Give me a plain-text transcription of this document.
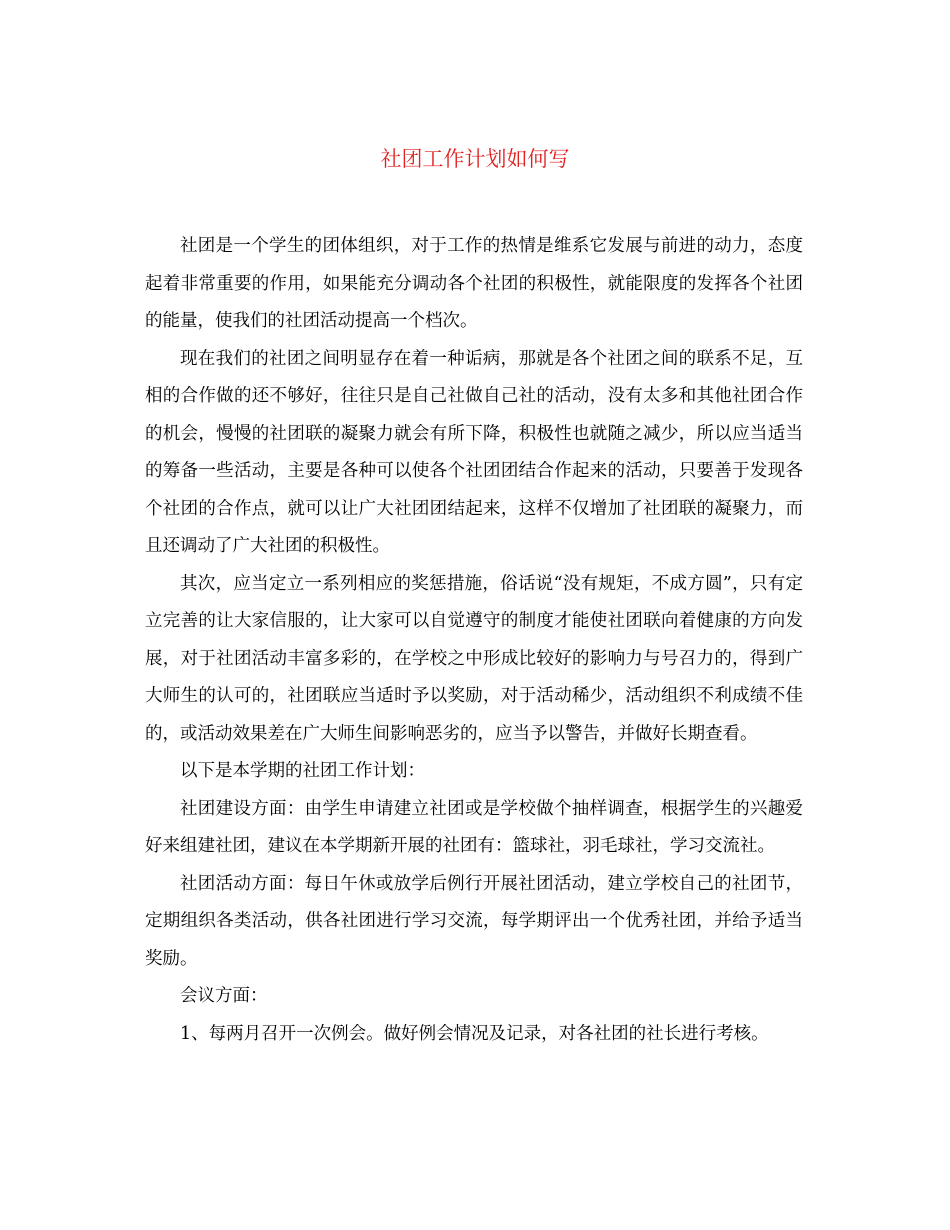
社团工作计划如何写

社团是一个学生的团体组织，对于工作的热情是维系它发展与前进的动力，态度起着非常重要的作用，如果能充分调动各个社团的积极性，就能限度的发挥各个社团的能量，使我们的社团活动提高一个档次。

现在我们的社团之间明显存在着一种诟病，那就是各个社团之间的联系不足，互相的合作做的还不够好，往往只是自己社做自己社的活动，没有太多和其他社团合作的机会，慢慢的社团联的凝聚力就会有所下降，积极性也就随之减少，所以应当适当的筹备一些活动，主要是各种可以使各个社团团结合作起来的活动，只要善于发现各个社团的合作点，就可以让广大社团团结起来，这样不仅增加了社团联的凝聚力，而且还调动了广大社团的积极性。

其次，应当定立一系列相应的奖惩措施，俗话说“没有规矩，不成方圆”，只有定立完善的让大家信服的，让大家可以自觉遵守的制度才能使社团联向着健康的方向发展，对于社团活动丰富多彩的，在学校之中形成比较好的影响力与号召力的，得到广大师生的认可的，社团联应当适时予以奖励，对于活动稀少，活动组织不利成绩不佳的，或活动效果差在广大师生间影响恶劣的，应当予以警告，并做好长期查看。

以下是本学期的社团工作计划：

社团建设方面：由学生申请建立社团或是学校做个抽样调查，根据学生的兴趣爱好来组建社团，建议在本学期新开展的社团有：篮球社，羽毛球社，学习交流社。

社团活动方面：每日午休或放学后例行开展社团活动，建立学校自己的社团节，定期组织各类活动，供各社团进行学习交流，每学期评出一个优秀社团，并给予适当奖励。

会议方面：

1、每两月召开一次例会。做好例会情况及记录，对各社团的社长进行考核。
